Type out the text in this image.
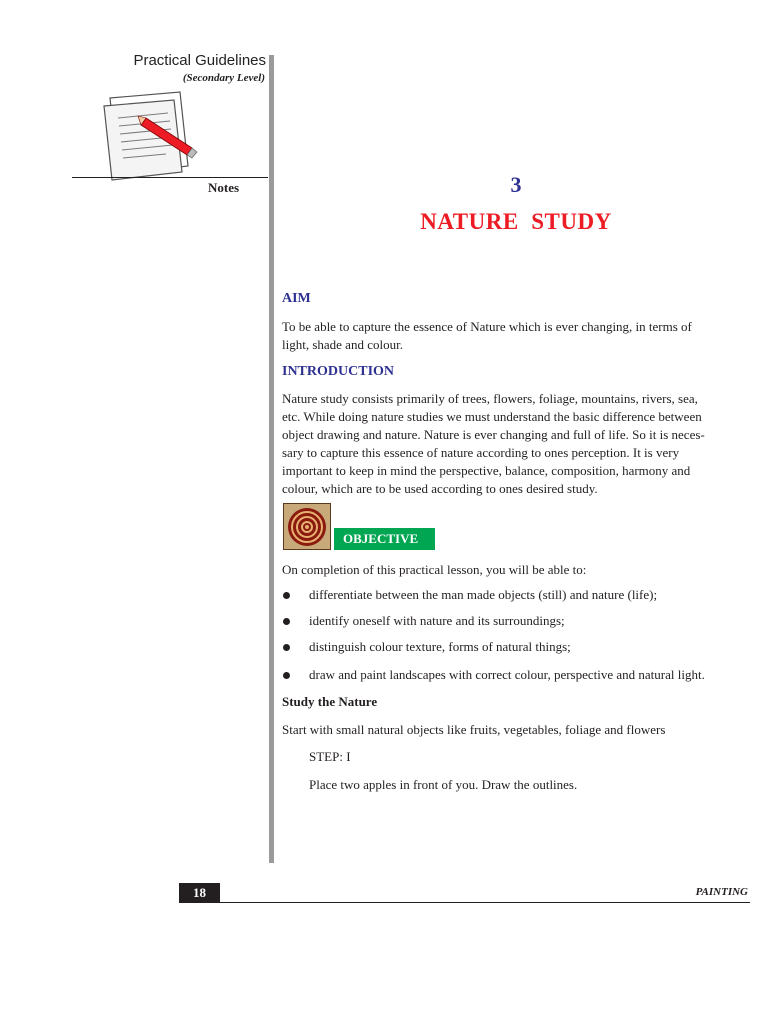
Practical Guidelines
(Secondary Level)
Notes	3
NATURE  STUDY
AIM
To be able to capture the essence of Nature which is ever changing, in terms of
light, shade and colour.
INTRODUCTION
Nature study consists primarily of trees, flowers, foliage, mountains, rivers, sea,
etc. While doing nature studies we must understand the basic difference between
object drawing and nature. Nature is ever changing and full of life. So it is neces-
sary to capture this essence of nature according to ones perception. It is very
important to keep in mind the perspective, balance, composition, harmony and
colour, which are to be used according to ones desired study.
OBJECTIVE
On completion of this practical lesson, you will be able to:
differentiate between the man made objects (still) and nature (life);
identify oneself with nature and its surroundings;
distinguish colour texture, forms of natural things;
draw and paint landscapes with correct colour, perspective and natural light.
Study the Nature
Start with small natural objects like fruits, vegetables, foliage and flowers
STEP: I
Place two apples in front of you. Draw the outlines.
18	PAINTING
